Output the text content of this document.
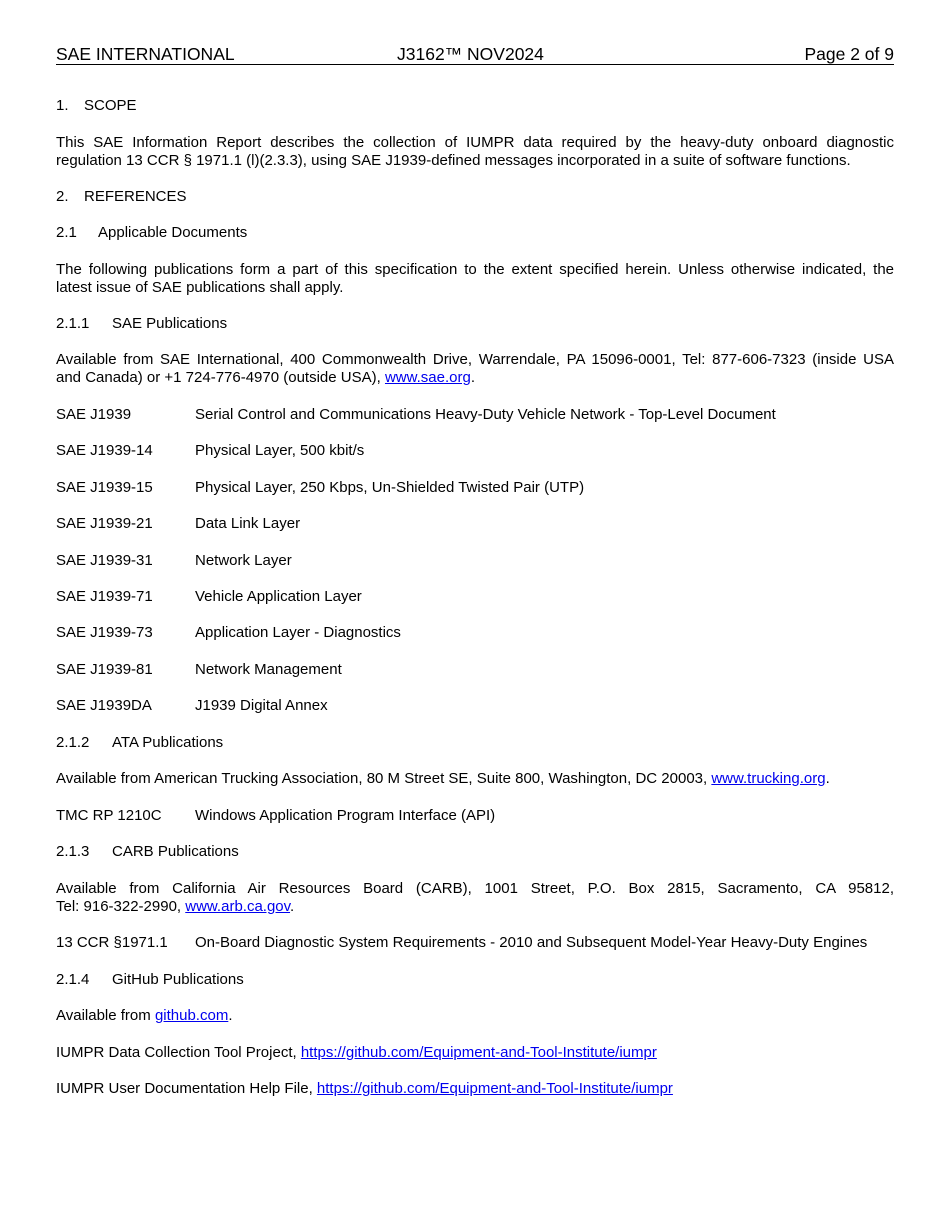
SAE INTERNATIONAL	J3162™ NOV2024	Page 2 of 9
1. SCOPE
This SAE Information Report describes the collection of IUMPR data required by the heavy-duty onboard diagnostic
regulation 13 CCR § 1971.1 (l)(2.3.3), using SAE J1939-defined messages incorporated in a suite of software functions.
2. REFERENCES
2.1 Applicable Documents
The following publications form a part of this specification to the extent specified herein. Unless otherwise indicated, the
latest issue of SAE publications shall apply.
2.1.1 SAE Publications
Available from SAE International, 400 Commonwealth Drive, Warrendale, PA 15096-0001, Tel: 877-606-7323 (inside USA
and Canada) or +1 724-776-4970 (outside USA), www.sae.org.
SAE J1939	Serial Control and Communications Heavy-Duty Vehicle Network - Top-Level Document
SAE J1939-14	Physical Layer, 500 kbit/s
SAE J1939-15	Physical Layer, 250 Kbps, Un-Shielded Twisted Pair (UTP)
SAE J1939-21	Data Link Layer
SAE J1939-31	Network Layer
SAE J1939-71	Vehicle Application Layer
SAE J1939-73	Application Layer - Diagnostics
SAE J1939-81	Network Management
SAE J1939DA	J1939 Digital Annex
2.1.2 ATA Publications
Available from American Trucking Association, 80 M Street SE, Suite 800, Washington, DC 20003, www.trucking.org.
TMC RP 1210C Windows Application Program Interface (API)
2.1.3 CARB Publications
Available from California Air Resources Board (CARB), 1001 Street, P.O. Box 2815, Sacramento, CA 95812,
Tel: 916-322-2990, www.arb.ca.gov.
13 CCR §1971.1 On-Board Diagnostic System Requirements - 2010 and Subsequent Model-Year Heavy-Duty Engines
2.1.4 GitHub Publications
Available from github.com.
IUMPR Data Collection Tool Project, https://github.com/Equipment-and-Tool-Institute/iumpr
IUMPR User Documentation Help File, https://github.com/Equipment-and-Tool-Institute/iumpr
